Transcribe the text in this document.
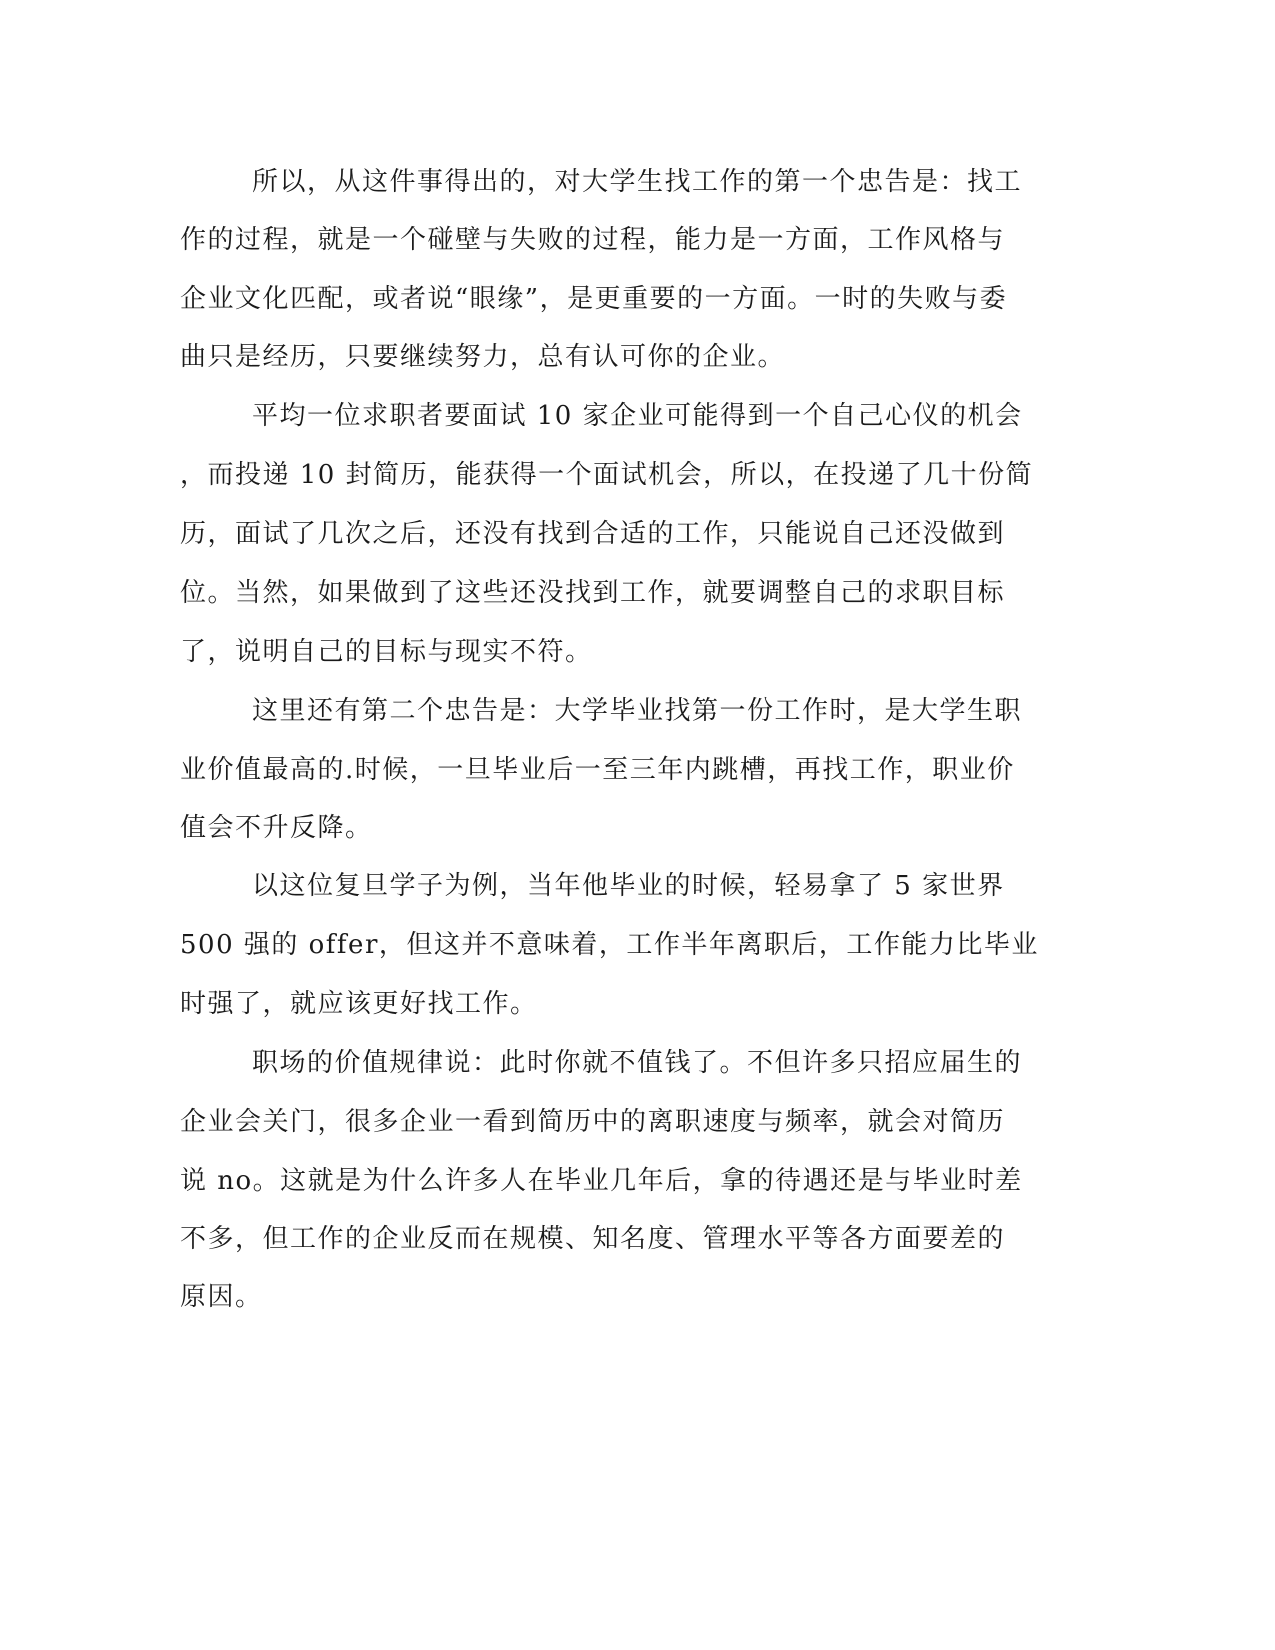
所以，从这件事得出的，对大学生找工作的第一个忠告是：找工
作的过程，就是一个碰壁与失败的过程，能力是一方面，工作风格与
企业文化匹配，或者说“眼缘”，是更重要的一方面。一时的失败与委
曲只是经历，只要继续努力，总有认可你的企业。
平均一位求职者要面试 10 家企业可能得到一个自己心仪的机会
，而投递 10 封简历，能获得一个面试机会，所以，在投递了几十份简
历，面试了几次之后，还没有找到合适的工作，只能说自己还没做到
位。当然，如果做到了这些还没找到工作，就要调整自己的求职目标
了，说明自己的目标与现实不符。
这里还有第二个忠告是：大学毕业找第一份工作时，是大学生职
业价值最高的.时候，一旦毕业后一至三年内跳槽，再找工作，职业价
值会不升反降。
以这位复旦学子为例，当年他毕业的时候，轻易拿了 5 家世界
500 强的 offer，但这并不意味着，工作半年离职后，工作能力比毕业
时强了，就应该更好找工作。
职场的价值规律说：此时你就不值钱了。不但许多只招应届生的
企业会关门，很多企业一看到简历中的离职速度与频率，就会对简历
说 no。这就是为什么许多人在毕业几年后，拿的待遇还是与毕业时差
不多，但工作的企业反而在规模、知名度、管理水平等各方面要差的
原因。
